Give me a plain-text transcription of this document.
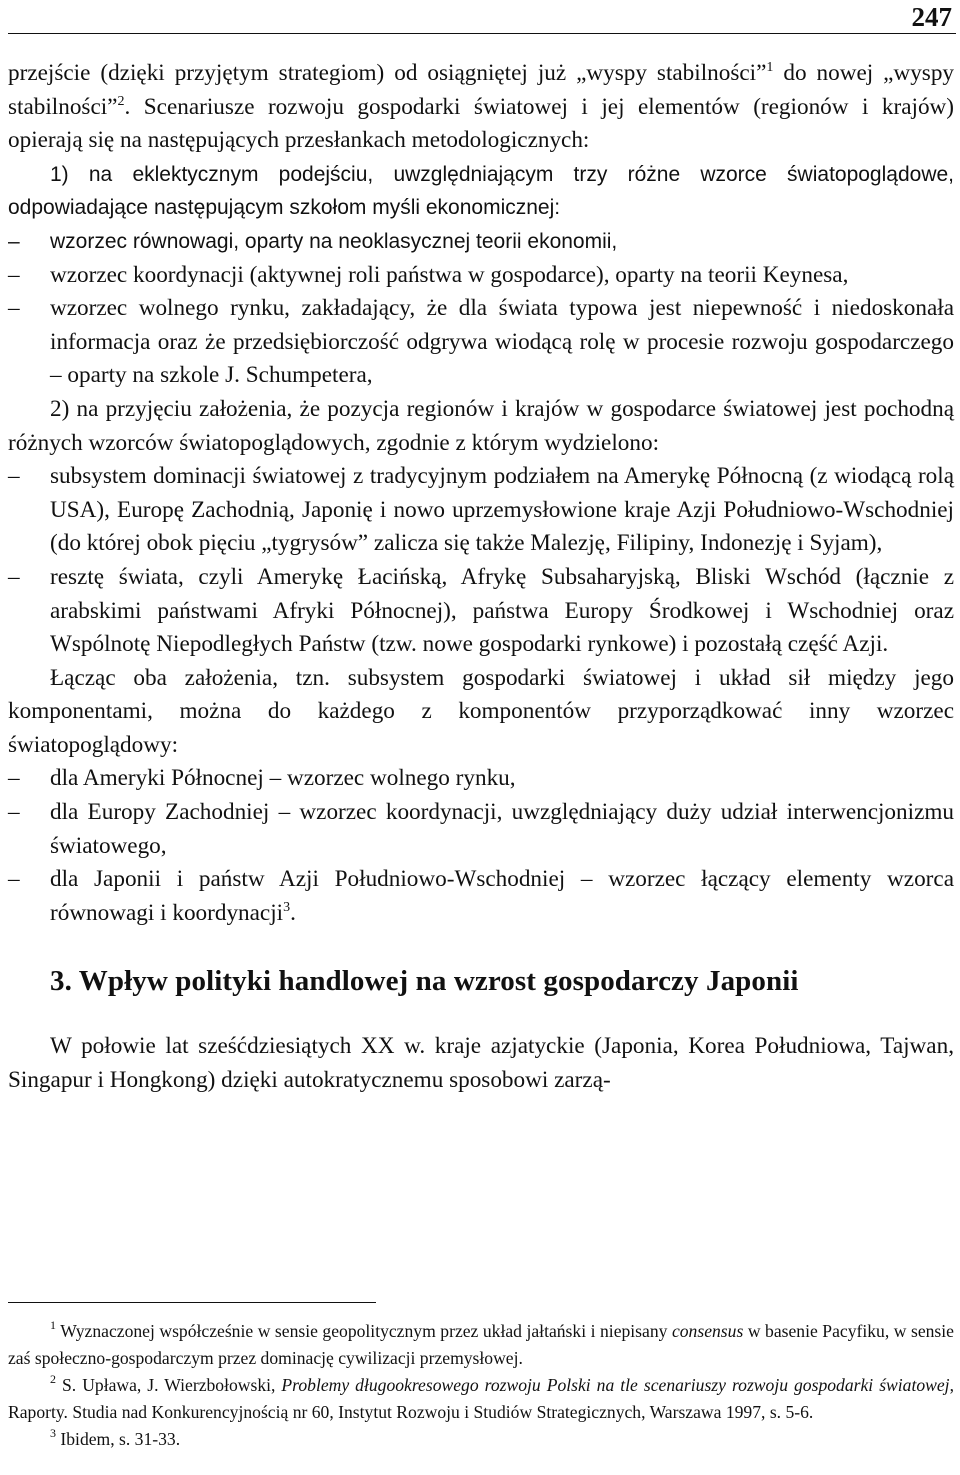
247

przejście (dzięki przyjętym strategiom) od osiągniętej już „wyspy stabilności”$^1$ do nowej „wyspy stabilności”$^2$. Scenariusze rozwoju gospodarki światowej i jej elementów (regionów i krajów) opierają się na następujących przesłankach metodologicznych:

1) na eklektycznym podejściu, uwzględniającym trzy różne wzorce światopoglądowe, odpowiadające następującym szkołom myśli ekonomicznej:

– wzorzec równowagi, oparty na neoklasycznej teorii ekonomii,

– wzorzec koordynacji (aktywnej roli państwa w gospodarce), oparty na teorii Keynesa,

– wzorzec wolnego rynku, zakładający, że dla świata typowa jest niepewność i niedoskonała informacja oraz że przedsiębiorczość odgrywa wiodącą rolę w procesie rozwoju gospodarczego – oparty na szkole J. Schumpetera,

2) na przyjęciu założenia, że pozycja regionów i krajów w gospodarce światowej jest pochodną różnych wzorców światopoglądowych, zgodnie z którym wydzielono:

– subsystem dominacji światowej z tradycyjnym podziałem na Amerykę Północną (z wiodącą rolą USA), Europę Zachodnią, Japonię i nowo uprzemysłowione kraje Azji Południowo-Wschodniej (do której obok pięciu „tygrysów” zalicza się także Malezję, Filipiny, Indonezję i Syjam),

– resztę świata, czyli Amerykę Łacińską, Afrykę Subsaharyjską, Bliski Wschód (łącznie z arabskimi państwami Afryki Północnej), państwa Europy Środkowej i Wschodniej oraz Wspólnotę Niepodległych Państw (tzw. nowe gospodarki rynkowe) i pozostałą część Azji.

Łącząc oba założenia, tzn. subsystem gospodarki światowej i układ sił między jego komponentami, można do każdego z komponentów przyporządkować inny wzorzec światopoglądowy:

– dla Ameryki Północnej – wzorzec wolnego rynku,

– dla Europy Zachodniej – wzorzec koordynacji, uwzględniający duży udział interwencjonizmu światowego,

– dla Japonii i państw Azji Południowo-Wschodniej – wzorzec łączący elementy wzorca równowagi i koordynacji$^3$.

3. Wpływ polityki handlowej na wzrost gospodarczy Japonii

W połowie lat sześćdziesiątych XX w. kraje azjatyckie (Japonia, Korea Południowa, Tajwan, Singapur i Hongkong) dzięki autokratycznemu sposobowi zarzą-

$^1$ Wyznaczonej współcześnie w sensie geopolitycznym przez układ jałtański i niepisany consensus w basenie Pacyfiku, w sensie zaś społeczno-gospodarczym przez dominację cywilizacji przemysłowej.

$^2$ S. Upława, J. Wierzbołowski, Problemy długookresowego rozwoju Polski na tle scenariuszy rozwoju gospodarki światowej, Raporty. Studia nad Konkurencyjnością nr 60, Instytut Rozwoju i Studiów Strategicznych, Warszawa 1997, s. 5-6.

$^3$ Ibidem, s. 31-33.
